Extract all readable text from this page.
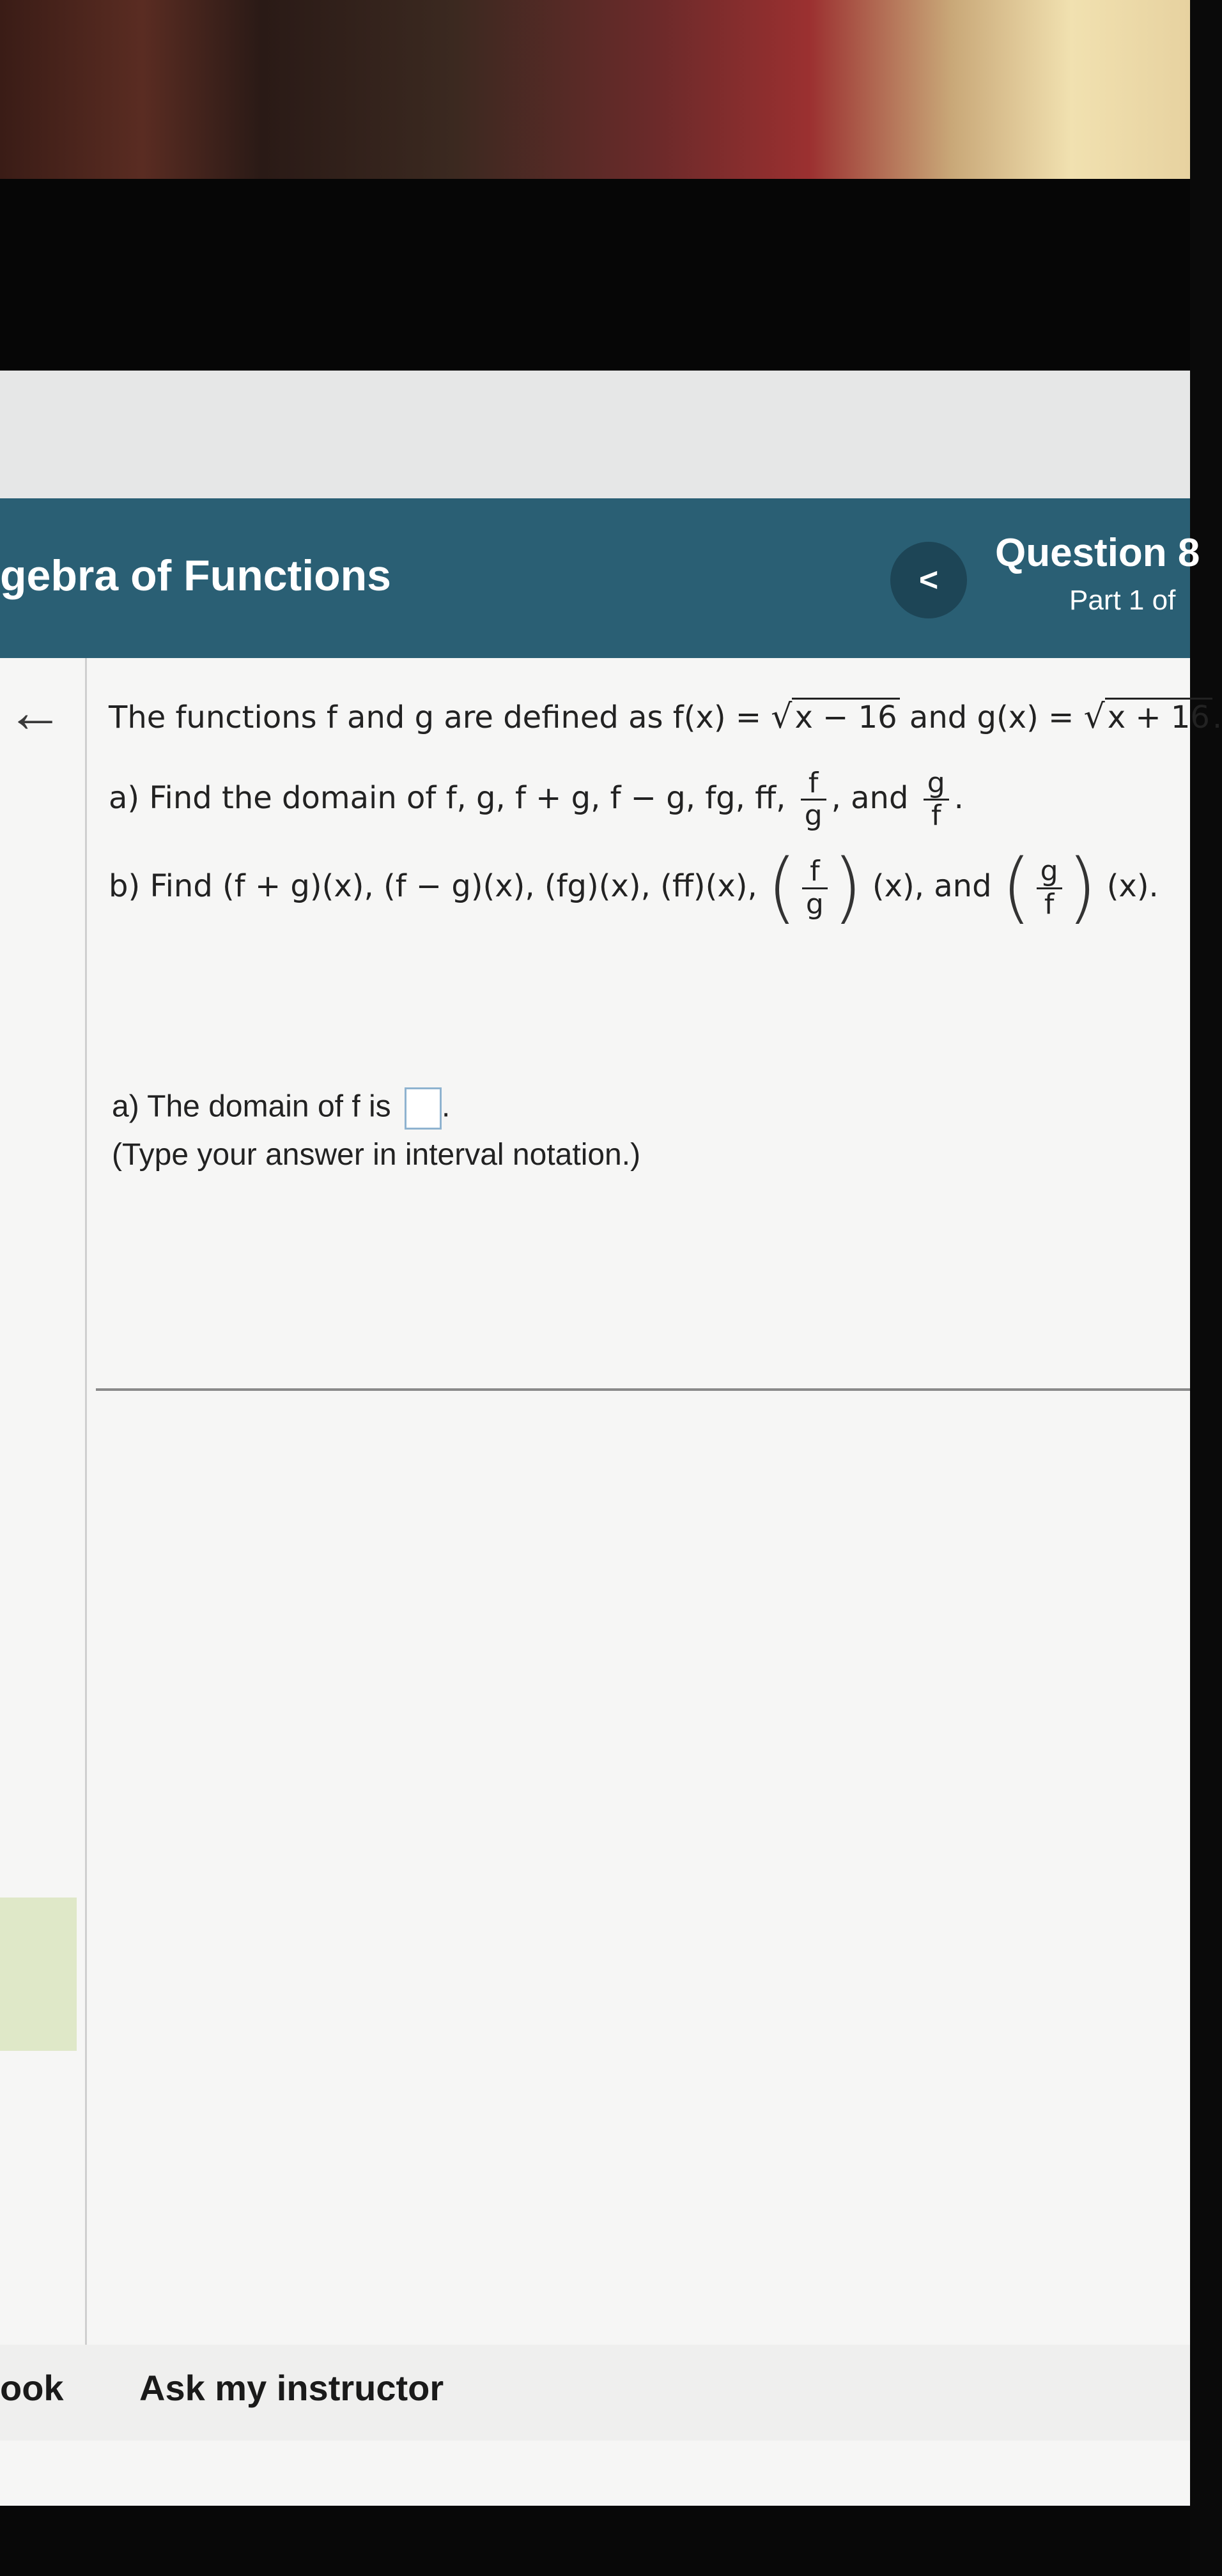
gebra of Functions	<
Question 8
Part 1 of
← The functions f and g are defined as f(x) = √x − 16 and g(x) = √x + 16.
a) Find the domain of f, g, f + g, f − g, fg, ff, $\frac{f}{g}$ , and $\frac{g}{f}$ .
b) Find (f + g)(x), (f − g)(x), (fg)(x), (ff)(x), ( $\frac{f}{g}$ ) (x), and ( $\frac{g}{f}$ ) (x).
a) The domain of f is .
(Type your answer in interval notation.)
ook Ask my instructor
